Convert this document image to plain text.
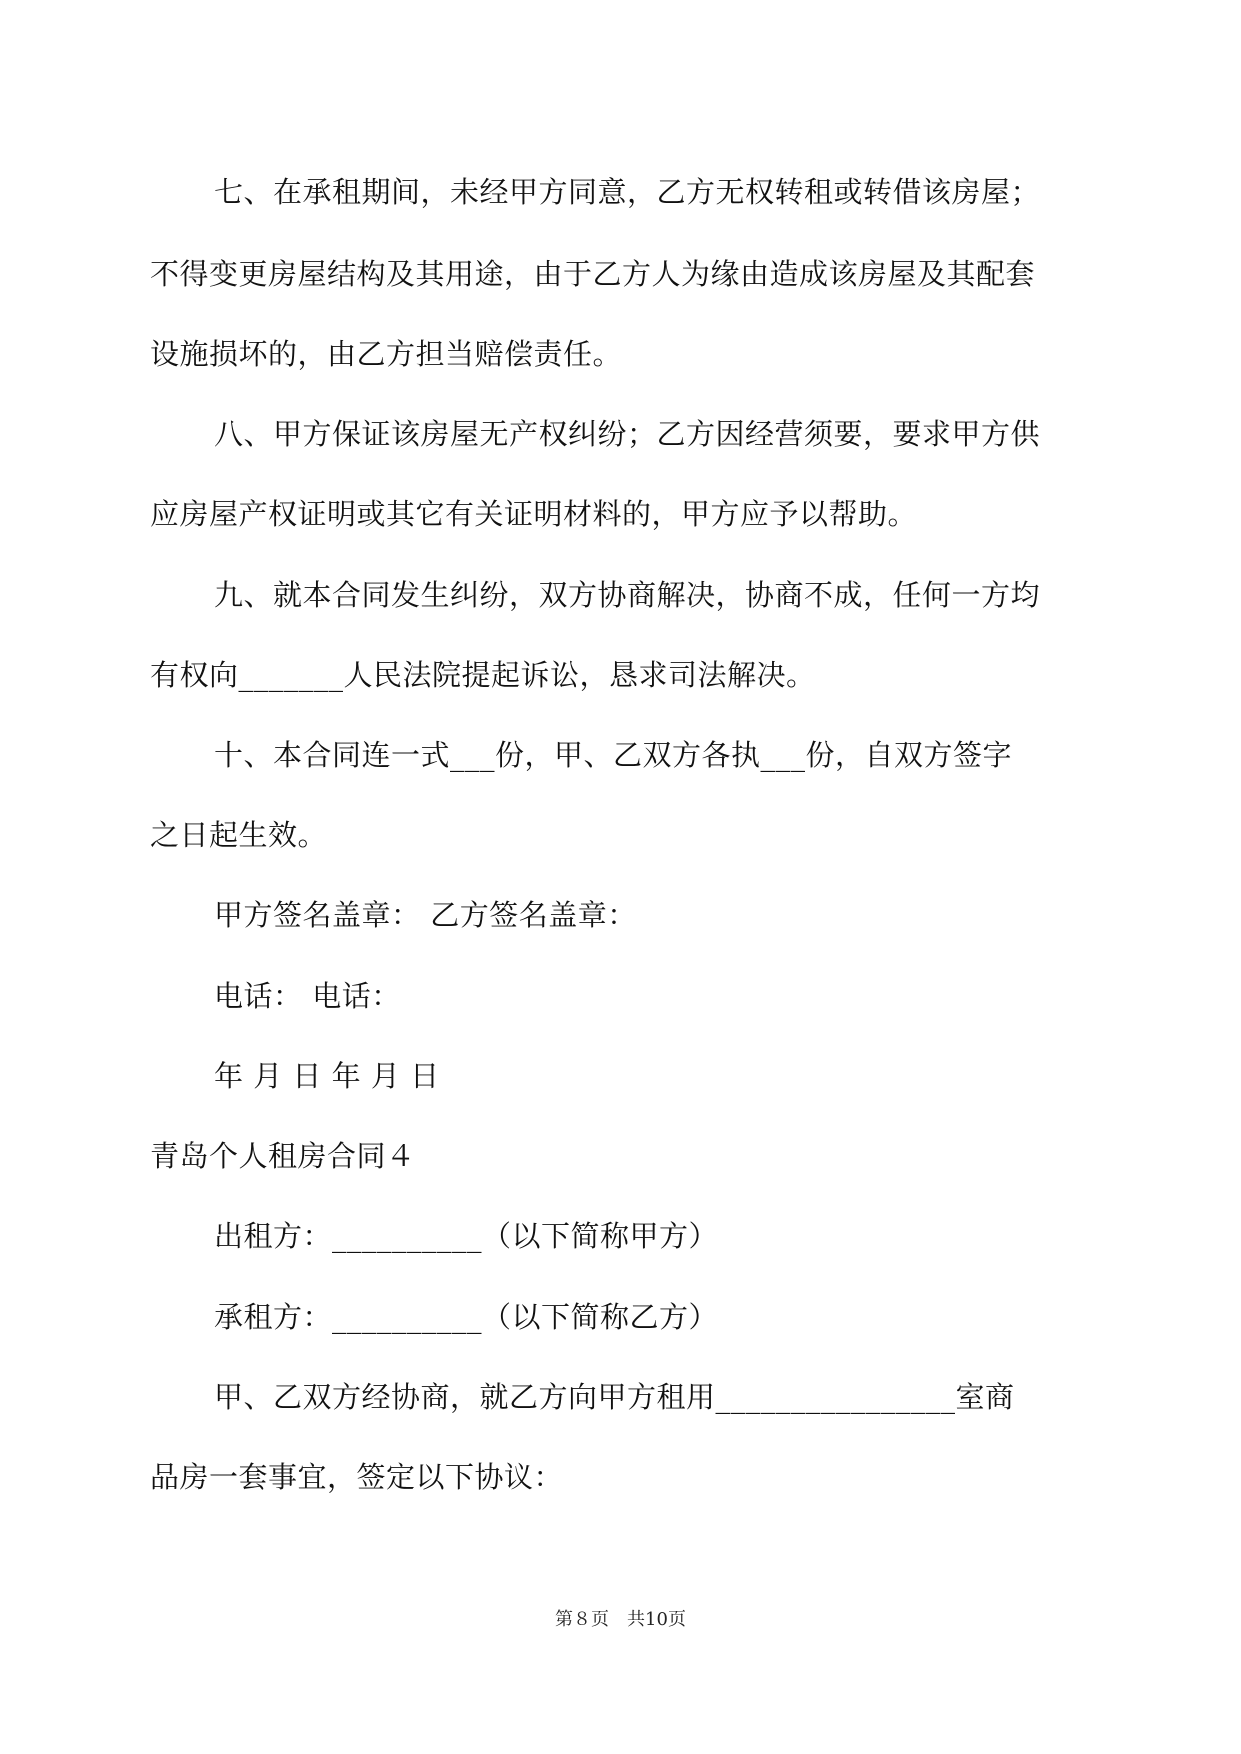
七、在承租期间，未经甲方同意，乙方无权转租或转借该房屋；
不得变更房屋结构及其用途，由于乙方人为缘由造成该房屋及其配套
设施损坏的，由乙方担当赔偿责任。
八、甲方保证该房屋无产权纠纷；乙方因经营须要，要求甲方供
应房屋产权证明或其它有关证明材料的，甲方应予以帮助。
九、就本合同发生纠纷，双方协商解决，协商不成，任何一方均
有权向_______人民法院提起诉讼，恳求司法解决。
十、本合同连一式___份，甲、乙双方各执___份，自双方签字
之日起生效。
甲方签名盖章： 乙方签名盖章：
电话： 电话：
年 月 日 年 月 日
青岛个人租房合同４
出租方：__________（以下简称甲方）
承租方：__________（以下简称乙方）
甲、乙双方经协商，就乙方向甲方租用________________室商
品房一套事宜，签定以下协议：
第８页　共10页
